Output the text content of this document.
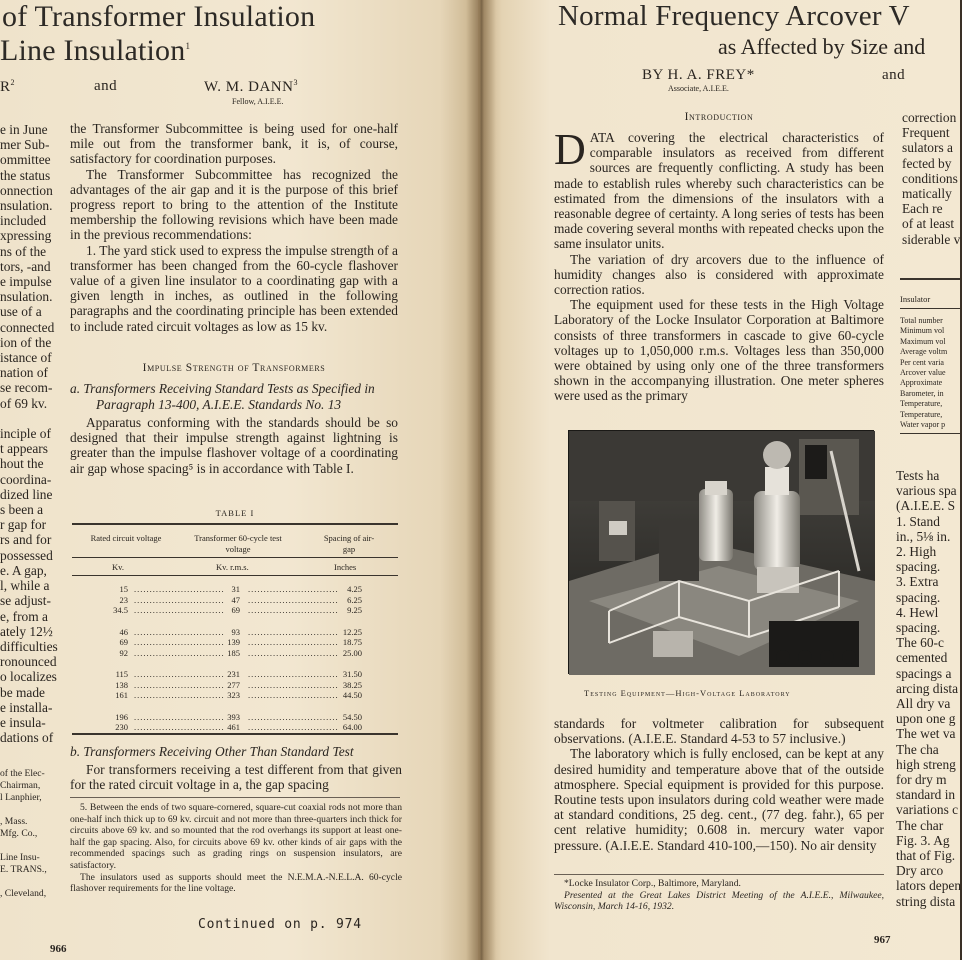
of Transformer Insulation
Line Insulation$^1$
$R^2$	and	W. M. DANN$^3$
Fellow, A.I.E.E.
e in June
mer Sub-
ommittee
the status
onnection
nsulation.
included
xpressing
ns of the
tors, -and
e impulse
nsulation.
use of a
connected
ion of the
istance of
nation of
se recom-
of 69 kv.

inciple of
t appears
hout the
coordina-
dized line
s been a
r gap for
rs and for
possessed
e. A gap,
l, while a
se adjust-
e, from a
ately 12½
difficulties
ronounced
o localizes
be made
e installa-
e insula-
dations of
of the Elec-
Chairman,
l Lanphier,

, Mass.
Mfg. Co.,

Line Insu-
E. TRANS.,

, Cleveland,

the Transformer Subcommittee is being used for one-half mile out from the transformer bank, it is, of course, satisfactory for coordination purposes.

The Transformer Subcommittee has recognized the advantages of the air gap and it is the purpose of this brief progress report to bring to the attention of the Institute membership the following revisions which have been made in the previous recommendations:

1. The yard stick used to express the impulse strength of a transformer has been changed from the 60-cycle flashover value of a given line insulator to a coordinating gap with a given length in inches, as outlined in the following paragraphs and the coordinating principle has been extended to include rated circuit voltages as low as 15 kv.

Impulse Strength of Transformers
a. Transformers Receiving Standard Tests as Specified in
Paragraph 13-400, A.I.E.E. Standards No. 13

Apparatus conforming with the standards should be so designed that their impulse strength against lightning is greater than the impulse flashover voltage of a coordinating air gap whose spacing⁵ is in accordance with Table I.

TABLE I
Rated circuit voltage	Transformer 60-cycle test voltage
Spacing of air-gap
Kv.	Kv. r.m.s.	Inches
15	31	4.25
.............................	.............................
23	47	6.25
.............................	.............................
34.5	69	9.25
.............................	.............................
46	93	12.25
.............................	.............................
69	139	18.75
.............................	.............................
92	185	25.00
.............................	.............................
115	231	31.50
.............................	.............................
138	277	38.25
.............................	.............................
161	323	44.50
.............................	.............................
196	393	54.50
.............................	.............................
230	461	64.00
.............................	.............................
b. Transformers Receiving Other Than Standard Test

For transformers receiving a test different from that given for the rated circuit voltage in a, the gap spacing

5. Between the ends of two square-cornered, square-cut coaxial rods not more than one-half inch thick up to 69 kv. circuit and not more than three-quarters inch thick for circuits above 69 kv. and so mounted that the rod overhangs its support at least one-half the gap spacing. Also, for circuits above 69 kv. other kinds of air gaps with the recommended spacings such as grading rings on suspension insulators, are satisfactory.

The insulators used as supports should meet the N.E.M.A.-N.E.L.A. 60-cycle flashover requirements for the line voltage.

Continued on p. 974
966
Normal Frequency Arcover V
as Affected by Size and
BY H. A. FREY*
Associate, A.I.E.E.
and
Introduction

DATA covering the electrical characteristics of comparable insulators as received from different sources are frequently conflicting. A study has been made to establish rules whereby such characteristics can be estimated from the dimensions of the insulators with a reasonable degree of certainty. A long series of tests has been made covering several months with repeated checks upon the same insulator units.

The variation of dry arcovers due to the influence of humidity changes also is considered with approximate correction ratios.

The equipment used for these tests in the High Voltage Laboratory of the Locke Insulator Corporation at Baltimore consists of three transformers in cascade to give 60-cycle voltages up to 1,050,000 r.m.s. Voltages less than 350,000 were obtained by using only one of the three transformers shown in the accompanying illustration. One meter spheres were used as the primary

correction
Frequent
sulators a
fected by
conditions
matically
Each re
of at least
siderable v
Insulator
Total number
Minimum vol
Maximum vol
Average voltm
Per cent varia
Arcover value
Approximate
Barometer, in
Temperature,
Temperature,
Water vapor p
Tests ha
various spa
(A.I.E.E. S
1. Stand
in., 5⅛ in.
2. High
spacing.
3. Extra
spacing.
4. Hewl
spacing.
The 60-c
cemented
spacings a
arcing dista
All dry va
upon one g
The wet va
The cha
high streng
for dry m
standard in
variations c
The char
Fig. 3. Ag
that of Fig.
Dry arco
lators depen
string dista

standards for voltmeter calibration for subsequent observations. (A.I.E.E. Standard 4-53 to 57 inclusive.)

The laboratory which is fully enclosed, can be kept at any desired humidity and temperature above that of the outside atmosphere. Special equipment is provided for this purpose. Routine tests upon insulators during cold weather were made at standard conditions, 25 deg. cent., (77 deg. fahr.), 65 per cent relative humidity; 0.608 in. mercury water vapor pressure. (A.I.E.E. Standard 410-100,—150). No air density

*Locke Insulator Corp., Baltimore, Maryland.

Presented at the Great Lakes District Meeting of the A.I.E.E., Milwaukee, Wisconsin, March 14-16, 1932.

967
Testing Equipment—High-Voltage Laboratory
